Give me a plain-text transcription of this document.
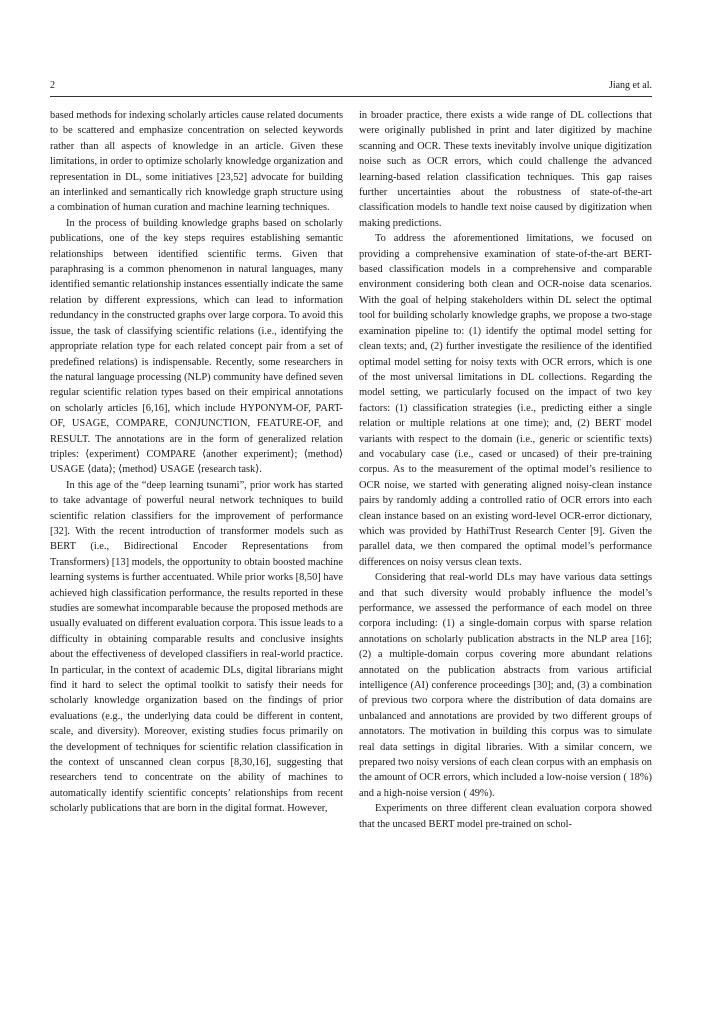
2	Jiang et al.

based methods for indexing scholarly articles cause related documents to be scattered and emphasize concentration on selected keywords rather than all aspects of knowledge in an article. Given these limitations, in order to optimize scholarly knowledge organization and representation in DL, some initiatives [23,52] advocate for building an interlinked and semantically rich knowledge graph structure using a combination of human curation and machine learning techniques.

In the process of building knowledge graphs based on scholarly publications, one of the key steps requires establishing semantic relationships between identified scientific terms. Given that paraphrasing is a common phenomenon in natural languages, many identified semantic relationship instances essentially indicate the same relation by different expressions, which can lead to information redundancy in the constructed graphs over large corpora. To avoid this issue, the task of classifying scientific relations (i.e., identifying the appropriate relation type for each related concept pair from a set of predefined relations) is indispensable. Recently, some researchers in the natural language processing (NLP) community have defined seven regular scientific relation types based on their empirical annotations on scholarly articles [6,16], which include HYPONYM-OF, PART-OF, USAGE, COMPARE, CONJUNCTION, FEATURE-OF, and RESULT. The annotations are in the form of generalized relation triples: ⟨experiment⟩ COMPARE ⟨another experiment⟩; ⟨method⟩ USAGE ⟨data⟩; ⟨method⟩ USAGE ⟨research task⟩.

In this age of the “deep learning tsunami”, prior work has started to take advantage of powerful neural network techniques to build scientific relation classifiers for the improvement of performance [32]. With the recent introduction of transformer models such as BERT (i.e., Bidirectional Encoder Representations from Transformers) [13] models, the opportunity to obtain boosted machine learning systems is further accentuated. While prior works [8,50] have achieved high classification performance, the results reported in these studies are somewhat incomparable because the proposed methods are usually evaluated on different evaluation corpora. This issue leads to a difficulty in obtaining comparable results and conclusive insights about the effectiveness of developed classifiers in real-world practice. In particular, in the context of academic DLs, digital librarians might find it hard to select the optimal toolkit to satisfy their needs for scholarly knowledge organization based on the findings of prior evaluations (e.g., the underlying data could be different in content, scale, and diversity). Moreover, existing studies focus primarily on the development of techniques for scientific relation classification in the context of unscanned clean corpus [8,30,16], suggesting that researchers tend to concentrate on the ability of machines to automatically identify scientific concepts’ relationships from recent scholarly publications that are born in the digital format. However,

in broader practice, there exists a wide range of DL collections that were originally published in print and later digitized by machine scanning and OCR. These texts inevitably involve unique digitization noise such as OCR errors, which could challenge the advanced learning-based relation classification techniques. This gap raises further uncertainties about the robustness of state-of-the-art classification models to handle text noise caused by digitization when making predictions.

To address the aforementioned limitations, we focused on providing a comprehensive examination of state-of-the-art BERT-based classification models in a comprehensive and comparable environment considering both clean and OCR-noise data scenarios. With the goal of helping stakeholders within DL select the optimal tool for building scholarly knowledge graphs, we propose a two-stage examination pipeline to: (1) identify the optimal model setting for clean texts; and, (2) further investigate the resilience of the identified optimal model setting for noisy texts with OCR errors, which is one of the most universal limitations in DL collections. Regarding the model setting, we particularly focused on the impact of two key factors: (1) classification strategies (i.e., predicting either a single relation or multiple relations at one time); and, (2) BERT model variants with respect to the domain (i.e., generic or scientific texts) and vocabulary case (i.e., cased or uncased) of their pre-training corpus. As to the measurement of the optimal model’s resilience to OCR noise, we started with generating aligned noisy-clean instance pairs by randomly adding a controlled ratio of OCR errors into each clean instance based on an existing word-level OCR-error dictionary, which was provided by HathiTrust Research Center [9]. Given the parallel data, we then compared the optimal model’s performance differences on noisy versus clean texts.

Considering that real-world DLs may have various data settings and that such diversity would probably influence the model’s performance, we assessed the performance of each model on three corpora including: (1) a single-domain corpus with sparse relation annotations on scholarly publication abstracts in the NLP area [16]; (2) a multiple-domain corpus covering more abundant relations annotated on the publication abstracts from various artificial intelligence (AI) conference proceedings [30]; and, (3) a combination of previous two corpora where the distribution of data domains are unbalanced and annotations are provided by two different groups of annotators. The motivation in building this corpus was to simulate real data settings in digital libraries. With a similar concern, we prepared two noisy versions of each clean corpus with an emphasis on the amount of OCR errors, which included a low-noise version ( 18%) and a high-noise version ( 49%).

Experiments on three different clean evaluation corpora showed that the uncased BERT model pre-trained on schol-
